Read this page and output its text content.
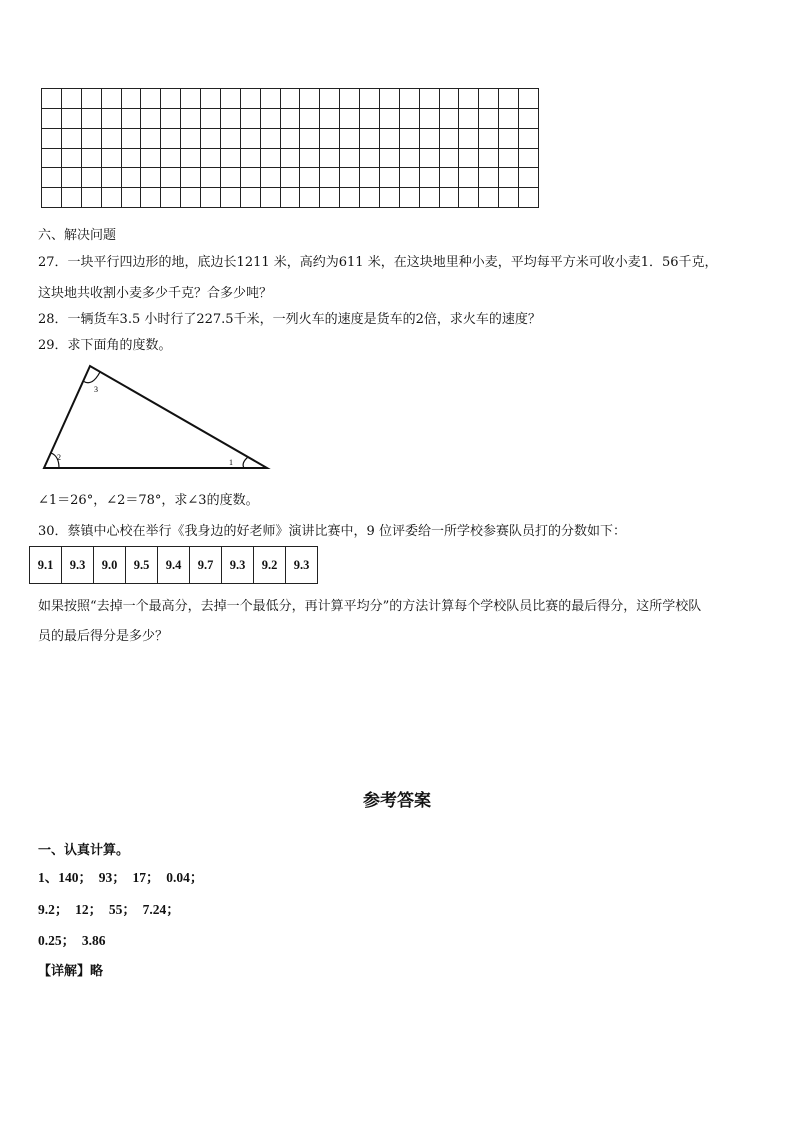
六、解决问题
27．一块平行四边形的地，底边长1211 米，高约为611 米，在这块地里种小麦，平均每平方米可收小麦1．56千克，
这块地共收割小麦多少千克？合多少吨？
28．一辆货车3.5 小时行了227.5千米，一列火车的速度是货车的2倍，求火车的速度？
29．求下面角的度数。
3
2
1
∠1＝26°，∠2＝78°，求∠3的度数。
30．蔡镇中心校在举行《我身边的好老师》演讲比赛中，9 位评委给一所学校参赛队员打的分数如下：
9.1	9.3	9.0	9.5	9.4	9.7	9.3	9.2	9.3
如果按照“去掉一个最高分，去掉一个最低分，再计算平均分”的方法计算每个学校队员比赛的最后得分，这所学校队
员的最后得分是多少？
参考答案
一、认真计算。
1、140；　93；　17；　0.04；
9.2；　12；　55；　7.24；
0.25；　3.86
【详解】略
